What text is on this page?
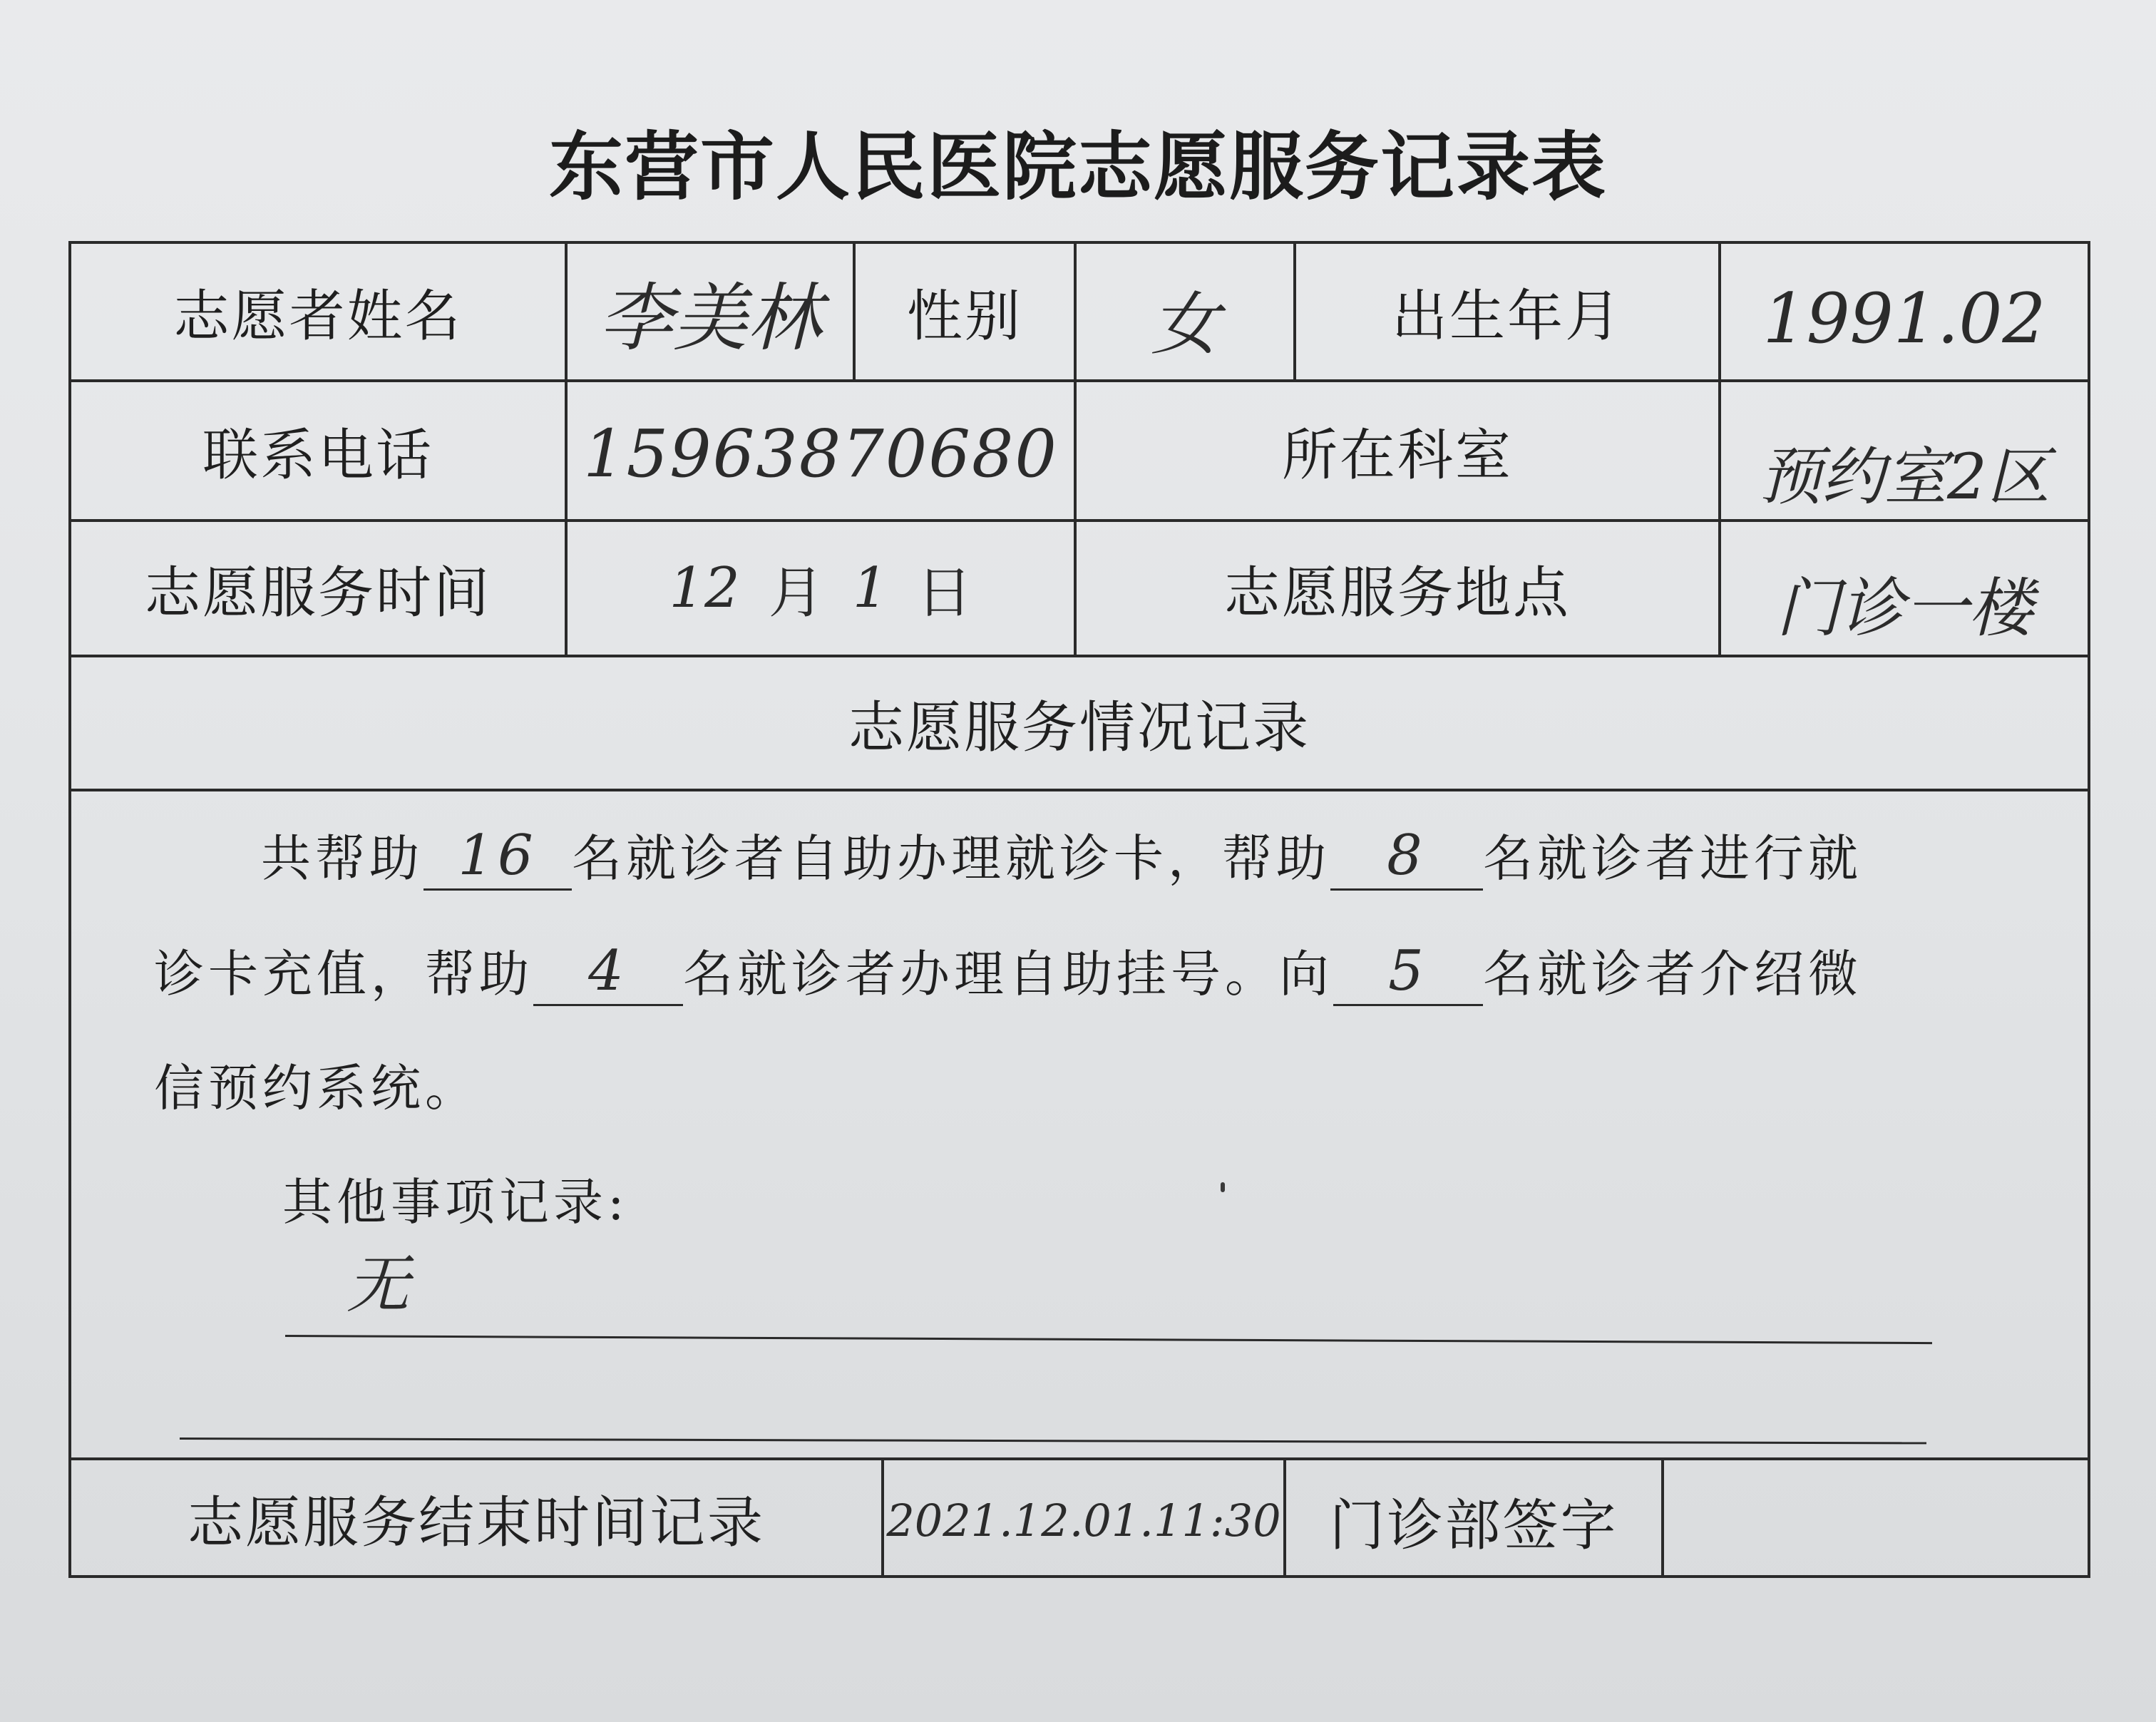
东营市人民医院志愿服务记录表
志愿者姓名	李美林	性别	女	出生年月	1991.02
联系电话	15963870680	所在科室	预约室2区
志愿服务时间	12 月 1 日	志愿服务地点	门诊一楼
志愿服务情况记录
共帮助 16 名就诊者自助办理就诊卡，帮助 8 名就诊者进行就
诊卡充值，帮助 4 名就诊者办理自助挂号。向 5 名就诊者介绍微
信预约系统。
其他事项记录:
无
志愿服务结束时间记录	2021.12.01.11:30 门诊部签字
